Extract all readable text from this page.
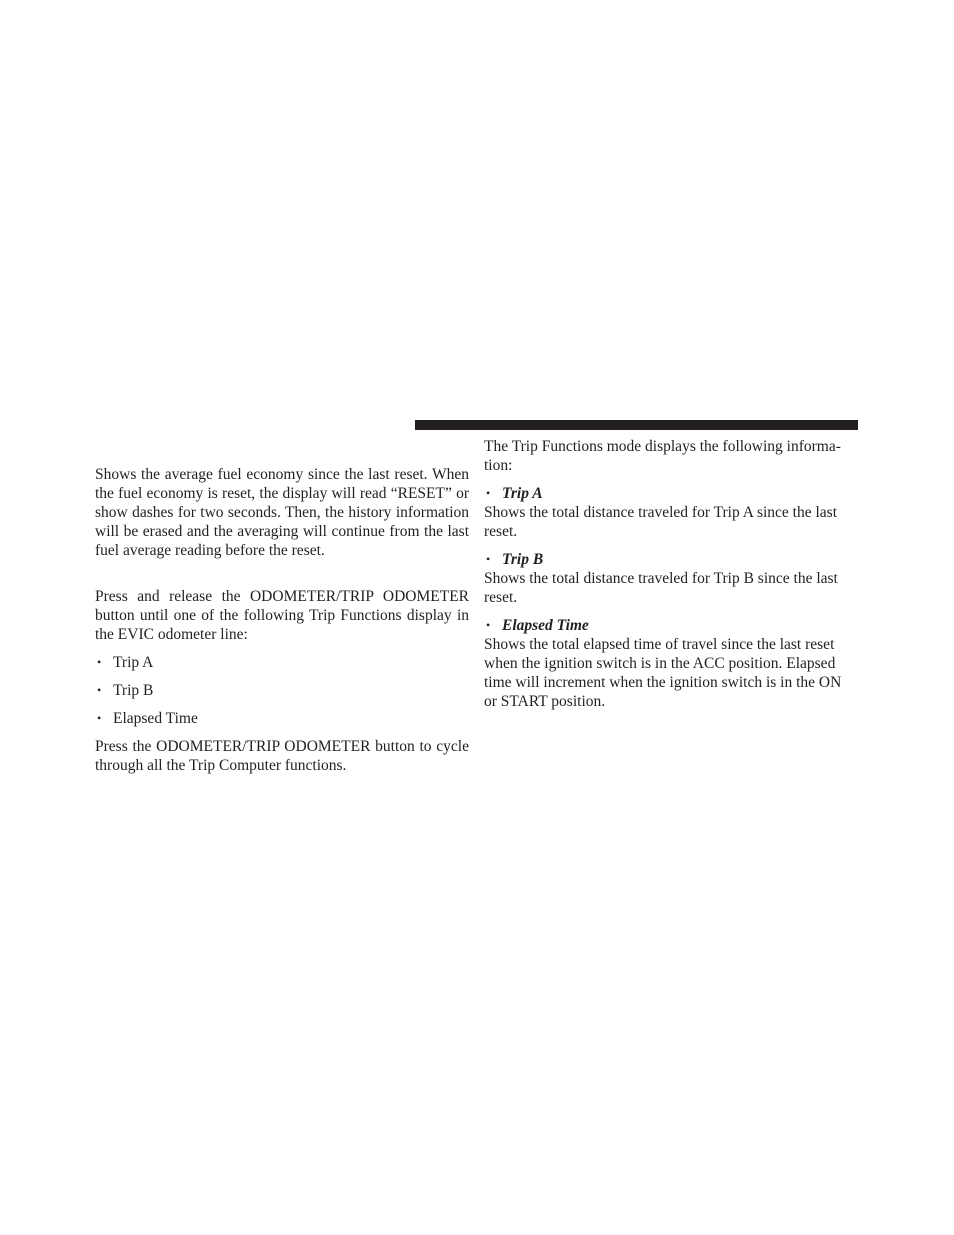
Shows the average fuel economy since the last reset. When the fuel economy is reset, the display will read “RESET” or show dashes for two seconds. Then, the history information will be erased and the averaging will continue from the last fuel average reading before the reset.

Press and release the ODOMETER/TRIP ODOMETER button until one of the following Trip Functions display in the EVIC odometer line:

• Trip A
• Trip B
• Elapsed Time

Press the ODOMETER/TRIP ODOMETER button to cycle through all the Trip Computer functions.

The Trip Functions mode displays the following informa-tion:

• Trip A

Shows the total distance traveled for Trip A since the last reset.

• Trip B

Shows the total distance traveled for Trip B since the last reset.

• Elapsed Time

Shows the total elapsed time of travel since the last reset when the ignition switch is in the ACC position. Elapsed time will increment when the ignition switch is in the ON or START position.
